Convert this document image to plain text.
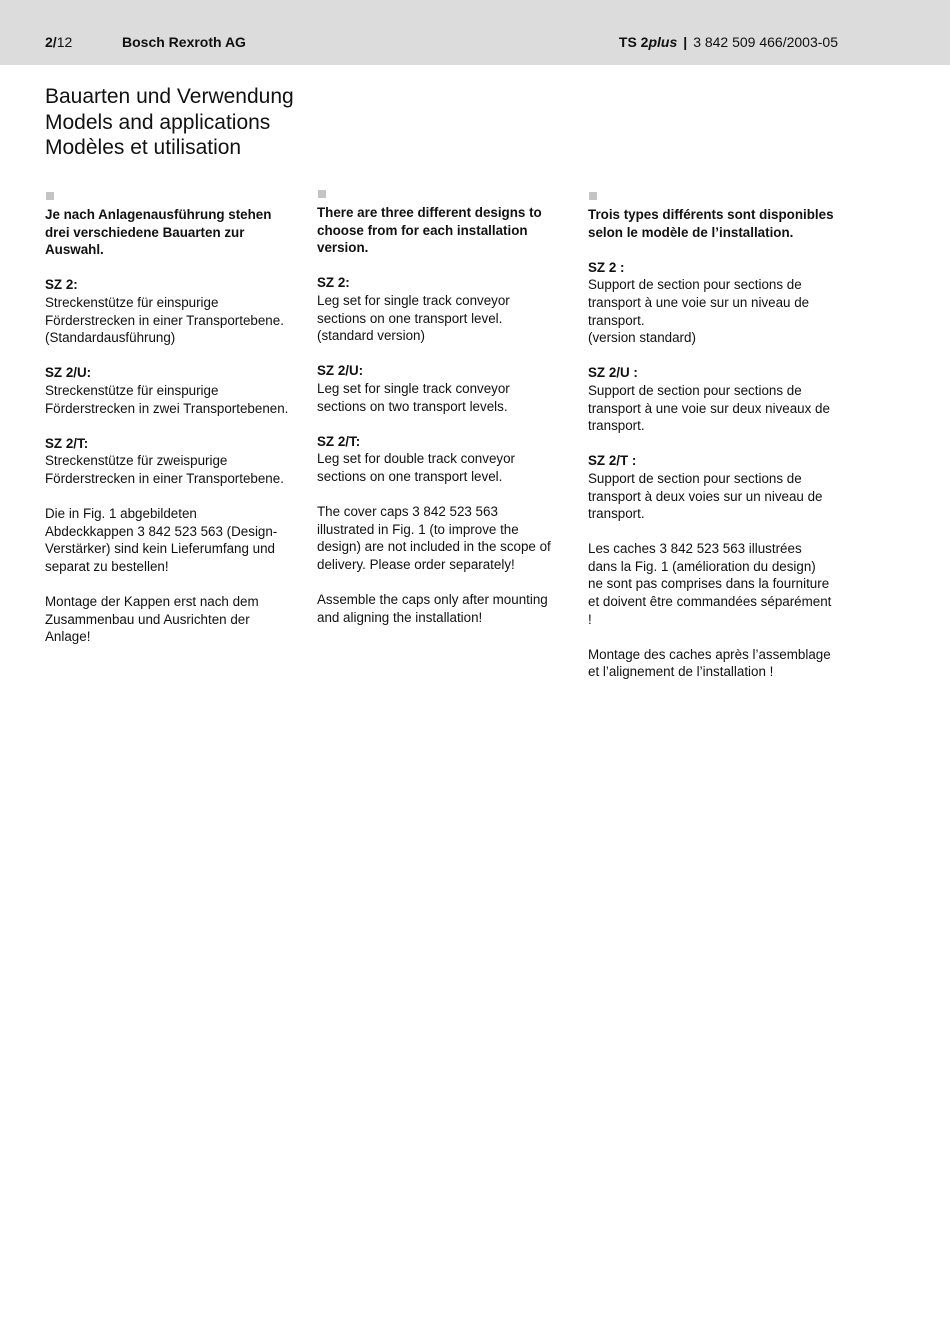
2/12	Bosch Rexroth AG	TS 2plus | 3 842 509 466/2003-05
Bauarten und Verwendung
Models and applications
Modèles et utilisation

Je nach Anlagenausführung stehen drei verschiedene Bauarten zur Auswahl.

SZ 2:
Streckenstütze für einspurige
Förderstrecken in einer Transportebene.
(Standardausführung)
SZ 2/U:
Streckenstütze für einspurige
Förderstrecken in zwei Transportebenen.
SZ 2/T:
Streckenstütze für zweispurige
Förderstrecken in einer Transportebene.

Die in Fig. 1 abgebildeten
Abdeckkappen 3 842 523 563 (Design-
Verstärker) sind kein Lieferumfang und
separat zu bestellen!

Montage der Kappen erst nach dem
Zusammenbau und Ausrichten der
Anlage!

There are three different designs to choose from for each installation version.

SZ 2:
Leg set for single track conveyor
sections on one transport level.
(standard version)
SZ 2/U:
Leg set for single track conveyor
sections on two transport levels.
SZ 2/T:
Leg set for double track conveyor
sections on one transport level.

The cover caps 3 842 523 563
illustrated in Fig. 1 (to improve the
design) are not included in the scope of
delivery. Please order separately!

Assemble the caps only after mounting
and aligning the installation!

Trois types différents sont disponibles selon le modèle de l’installation.

SZ 2 :
Support de section pour sections de
transport à une voie sur un niveau de
transport.
(version standard)
SZ 2/U :
Support de section pour sections de
transport à une voie sur deux niveaux de
transport.
SZ 2/T :
Support de section pour sections de
transport à deux voies sur un niveau de
transport.

Les caches 3 842 523 563 illustrées
dans la Fig. 1 (amélioration du design)
ne sont pas comprises dans la fourniture
et doivent être commandées séparément
!

Montage des caches après l’assemblage
et l’alignement de l’installation !
